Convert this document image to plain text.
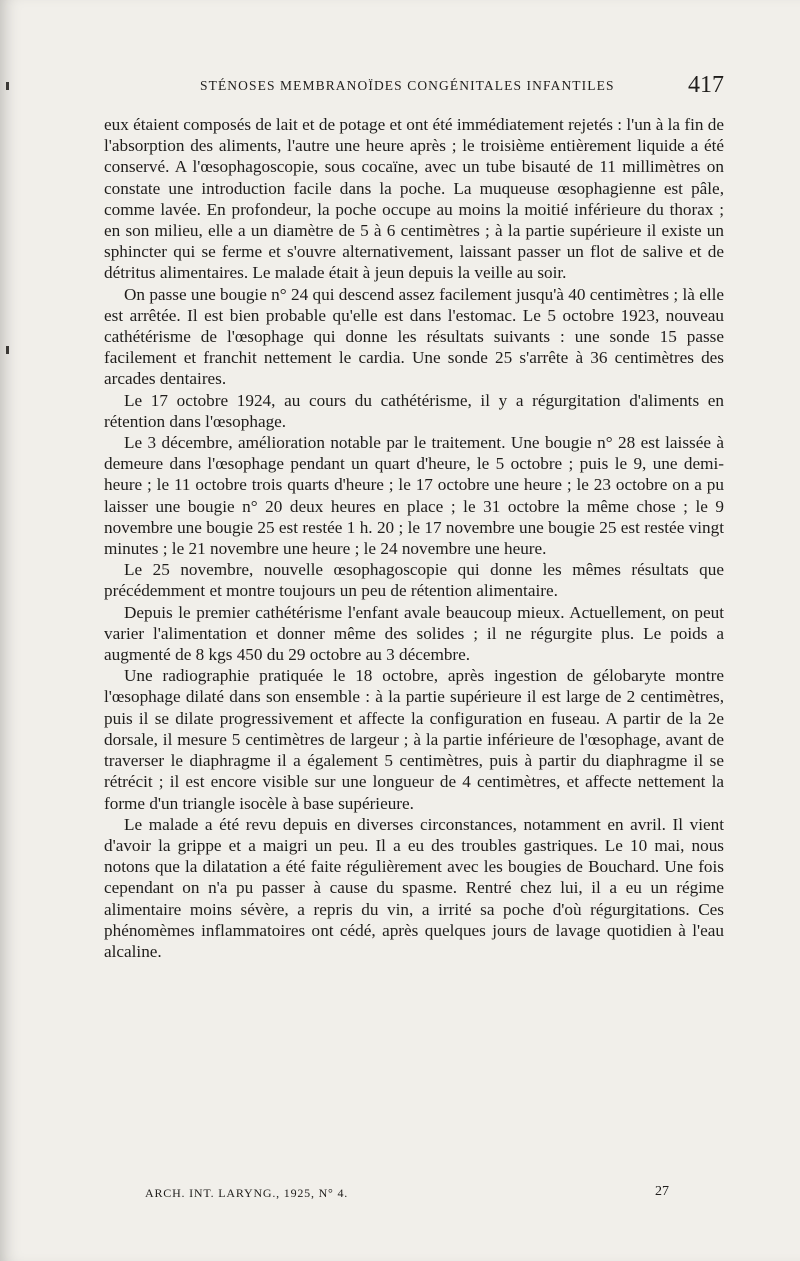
STÉNOSES MEMBRANOÏDES CONGÉNITALES INFANTILES	417

eux étaient composés de lait et de potage et ont été immédiatement rejetés : l'un à la fin de l'absorption des aliments, l'autre une heure après ; le troisième entièrement liquide a été conservé. A l'œsophagoscopie, sous cocaïne, avec un tube bisauté de 11 millimètres on constate une introduction facile dans la poche. La muqueuse œsophagienne est pâle, comme lavée. En profondeur, la poche occupe au moins la moitié inférieure du thorax ; en son milieu, elle a un diamètre de 5 à 6 centimètres ; à la partie supérieure il existe un sphincter qui se ferme et s'ouvre alternativement, laissant passer un flot de salive et de détritus alimentaires. Le malade était à jeun depuis la veille au soir.

On passe une bougie n° 24 qui descend assez facilement jusqu'à 40 centimètres ; là elle est arrêtée. Il est bien probable qu'elle est dans l'estomac. Le 5 octobre 1923, nouveau cathétérisme de l'œsophage qui donne les résultats suivants : une sonde 15 passe facilement et franchit nettement le cardia. Une sonde 25 s'arrête à 36 centimètres des arcades dentaires.

Le 17 octobre 1924, au cours du cathétérisme, il y a régurgitation d'aliments en rétention dans l'œsophage.

Le 3 décembre, amélioration notable par le traitement. Une bougie n° 28 est laissée à demeure dans l'œsophage pendant un quart d'heure, le 5 octobre ; puis le 9, une demi-heure ; le 11 octobre trois quarts d'heure ; le 17 octobre une heure ; le 23 octobre on a pu laisser une bougie n° 20 deux heures en place ; le 31 octobre la même chose ; le 9 novembre une bougie 25 est restée 1 h. 20 ; le 17 novembre une bougie 25 est restée vingt minutes ; le 21 novembre une heure ; le 24 novembre une heure.

Le 25 novembre, nouvelle œsophagoscopie qui donne les mêmes résultats que précédemment et montre toujours un peu de rétention alimentaire.

Depuis le premier cathétérisme l'enfant avale beaucoup mieux. Actuellement, on peut varier l'alimentation et donner même des solides ; il ne régurgite plus. Le poids a augmenté de 8 kgs 450 du 29 octobre au 3 décembre.

Une radiographie pratiquée le 18 octobre, après ingestion de gélobaryte montre l'œsophage dilaté dans son ensemble : à la partie supérieure il est large de 2 centimètres, puis il se dilate progressivement et affecte la configuration en fuseau. A partir de la 2e dorsale, il mesure 5 centimètres de largeur ; à la partie inférieure de l'œsophage, avant de traverser le diaphragme il a également 5 centimètres, puis à partir du diaphragme il se rétrécit ; il est encore visible sur une longueur de 4 centimètres, et affecte nettement la forme d'un triangle isocèle à base supérieure.

Le malade a été revu depuis en diverses circonstances, notamment en avril. Il vient d'avoir la grippe et a maigri un peu. Il a eu des troubles gastriques. Le 10 mai, nous notons que la dilatation a été faite régulièrement avec les bougies de Bouchard. Une fois cependant on n'a pu passer à cause du spasme. Rentré chez lui, il a eu un régime alimentaire moins sévère, a repris du vin, a irrité sa poche d'où régurgitations. Ces phénomèmes inflammatoires ont cédé, après quelques jours de lavage quotidien à l'eau alcaline.

ARCH. INT. LARYNG., 1925, N° 4.	27
